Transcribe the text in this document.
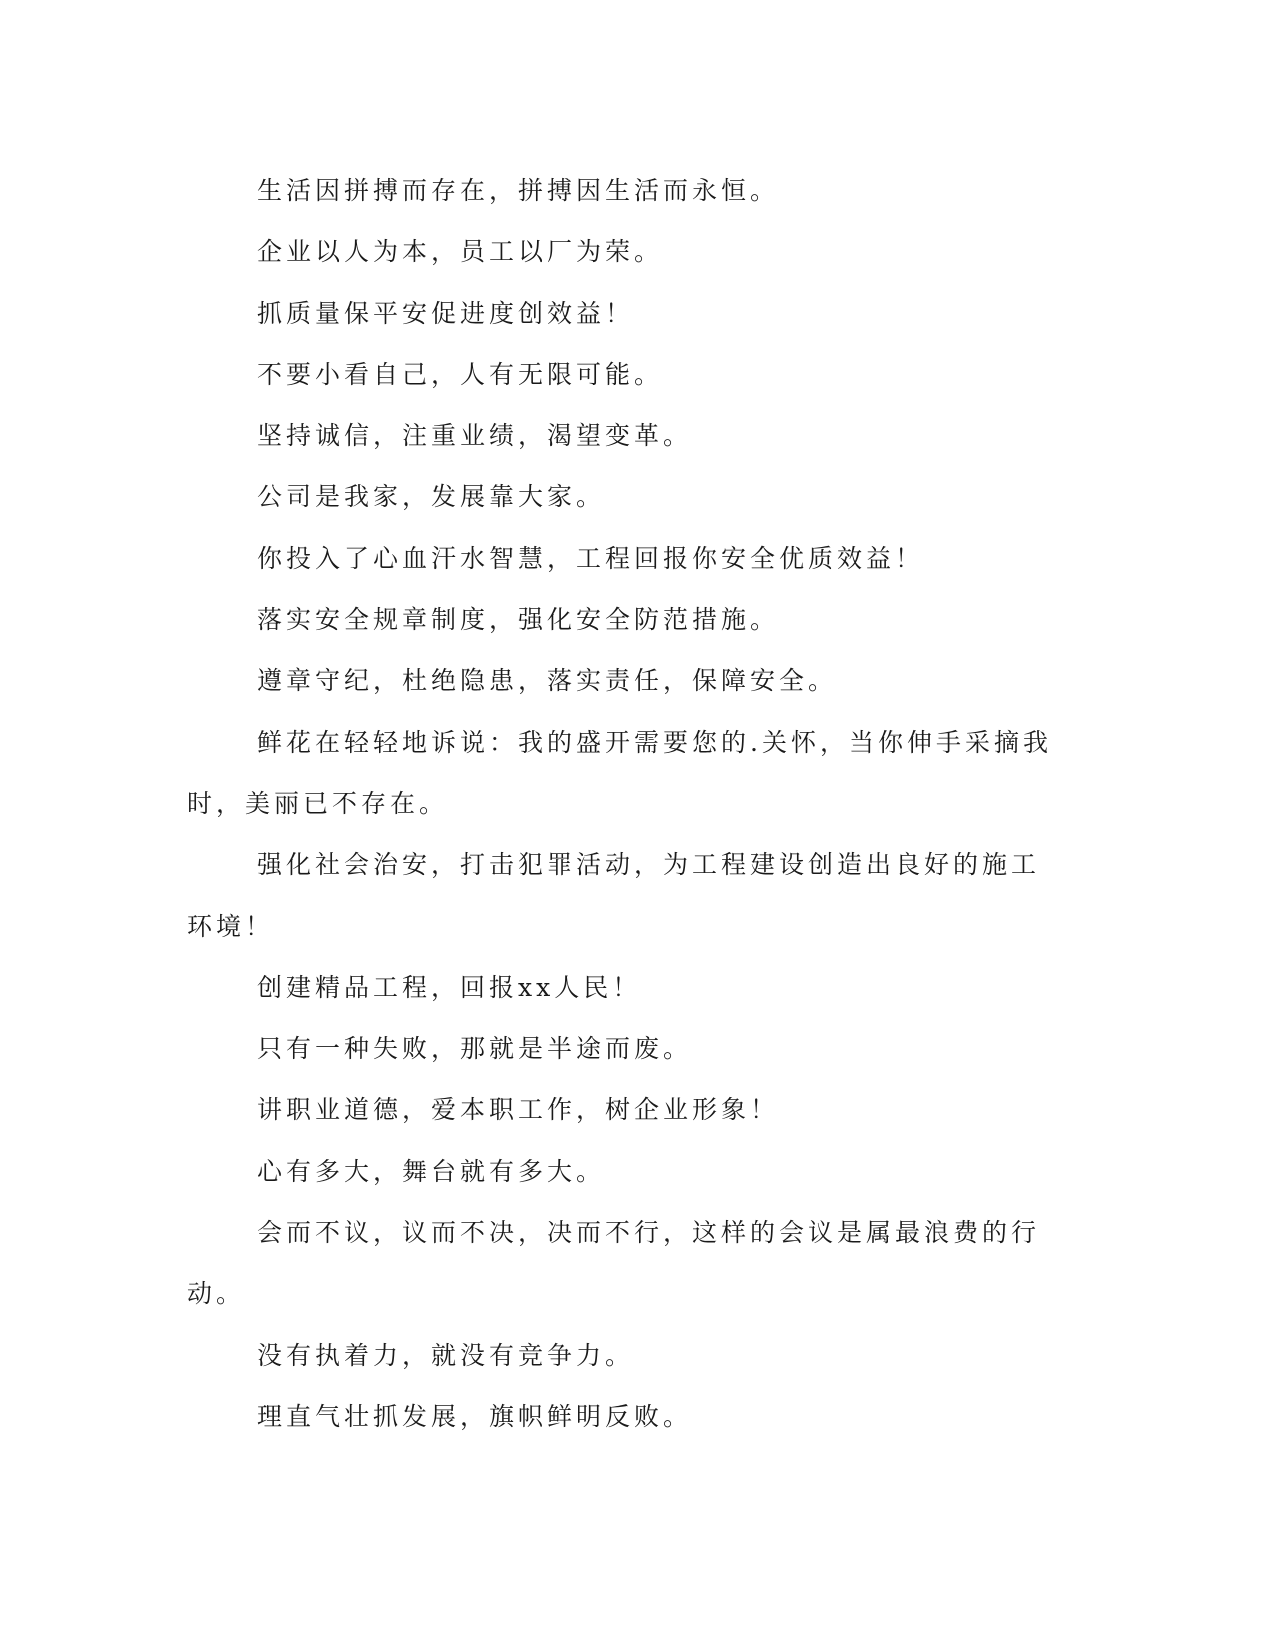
生活因拼搏而存在，拼搏因生活而永恒。

企业以人为本，员工以厂为荣。

抓质量保平安促进度创效益！

不要小看自己，人有无限可能。

坚持诚信，注重业绩，渴望变革。

公司是我家，发展靠大家。

你投入了心血汗水智慧，工程回报你安全优质效益！

落实安全规章制度，强化安全防范措施。

遵章守纪，杜绝隐患，落实责任，保障安全。

鲜花在轻轻地诉说：我的盛开需要您的.关怀，当你伸手采摘我时，美丽已不存在。

强化社会治安，打击犯罪活动，为工程建设创造出良好的施工环境！

创建精品工程，回报xx人民！

只有一种失败，那就是半途而废。

讲职业道德，爱本职工作，树企业形象！

心有多大，舞台就有多大。

会而不议，议而不决，决而不行，这样的会议是属最浪费的行动。

没有执着力，就没有竞争力。

理直气壮抓发展，旗帜鲜明反败。
